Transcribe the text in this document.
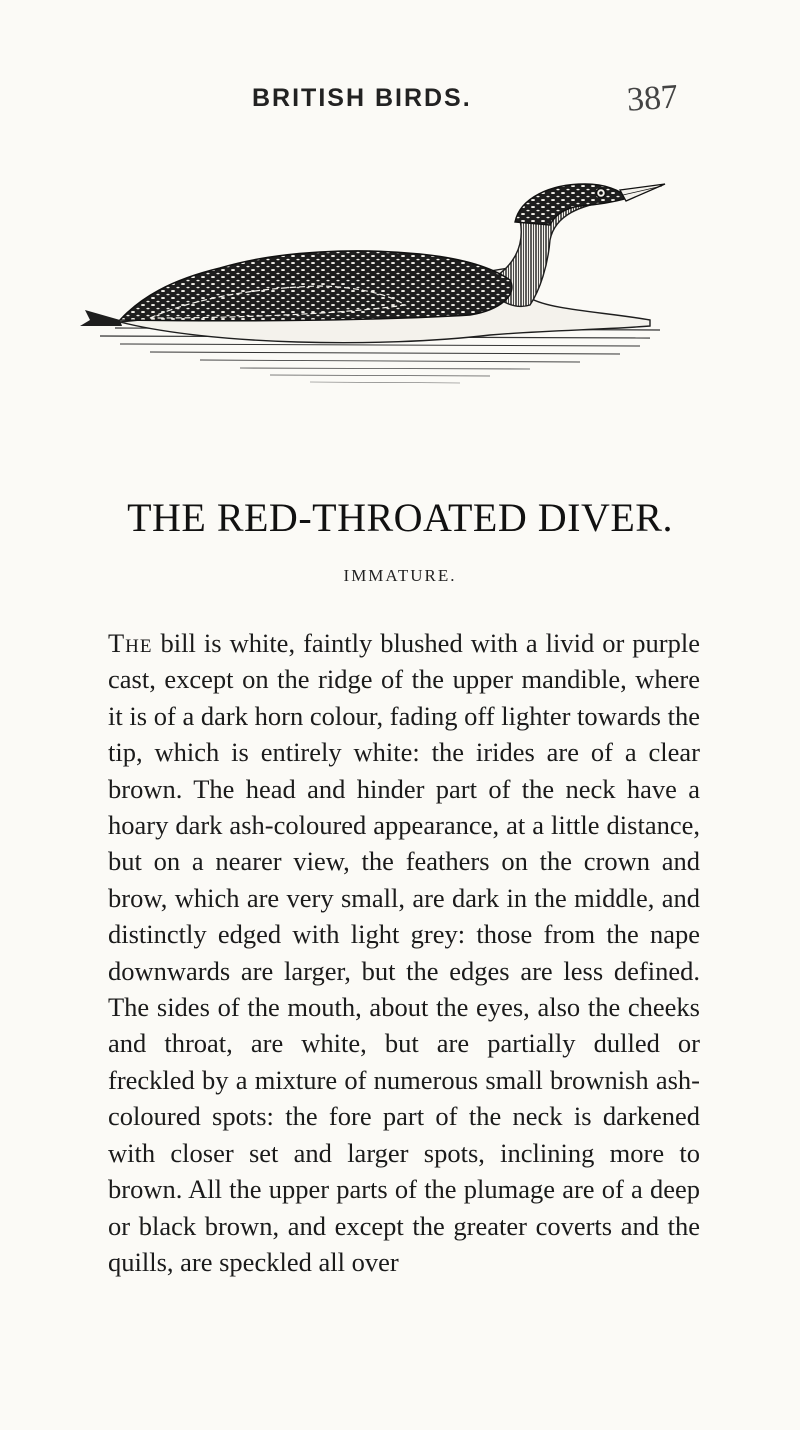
BRITISH BIRDS.	387
THE RED-THROATED DIVER.
IMMATURE.

The bill is white, faintly blushed with a livid or purple cast, except on the ridge of the upper mandible, where it is of a dark horn colour, fading off lighter towards the tip, which is entirely white: the irides are of a clear brown. The head and hinder part of the neck have a hoary dark ash-coloured appearance, at a little distance, but on a nearer view, the feathers on the crown and brow, which are very small, are dark in the middle, and distinctly edged with light grey: those from the nape downwards are larger, but the edges are less defined. The sides of the mouth, about the eyes, also the cheeks and throat, are white, but are partially dulled or freckled by a mixture of numerous small brownish ash-coloured spots: the fore part of the neck is darkened with closer set and larger spots, inclining more to brown. All the upper parts of the plumage are of a deep or black brown, and except the greater coverts and the quills, are speckled all over
